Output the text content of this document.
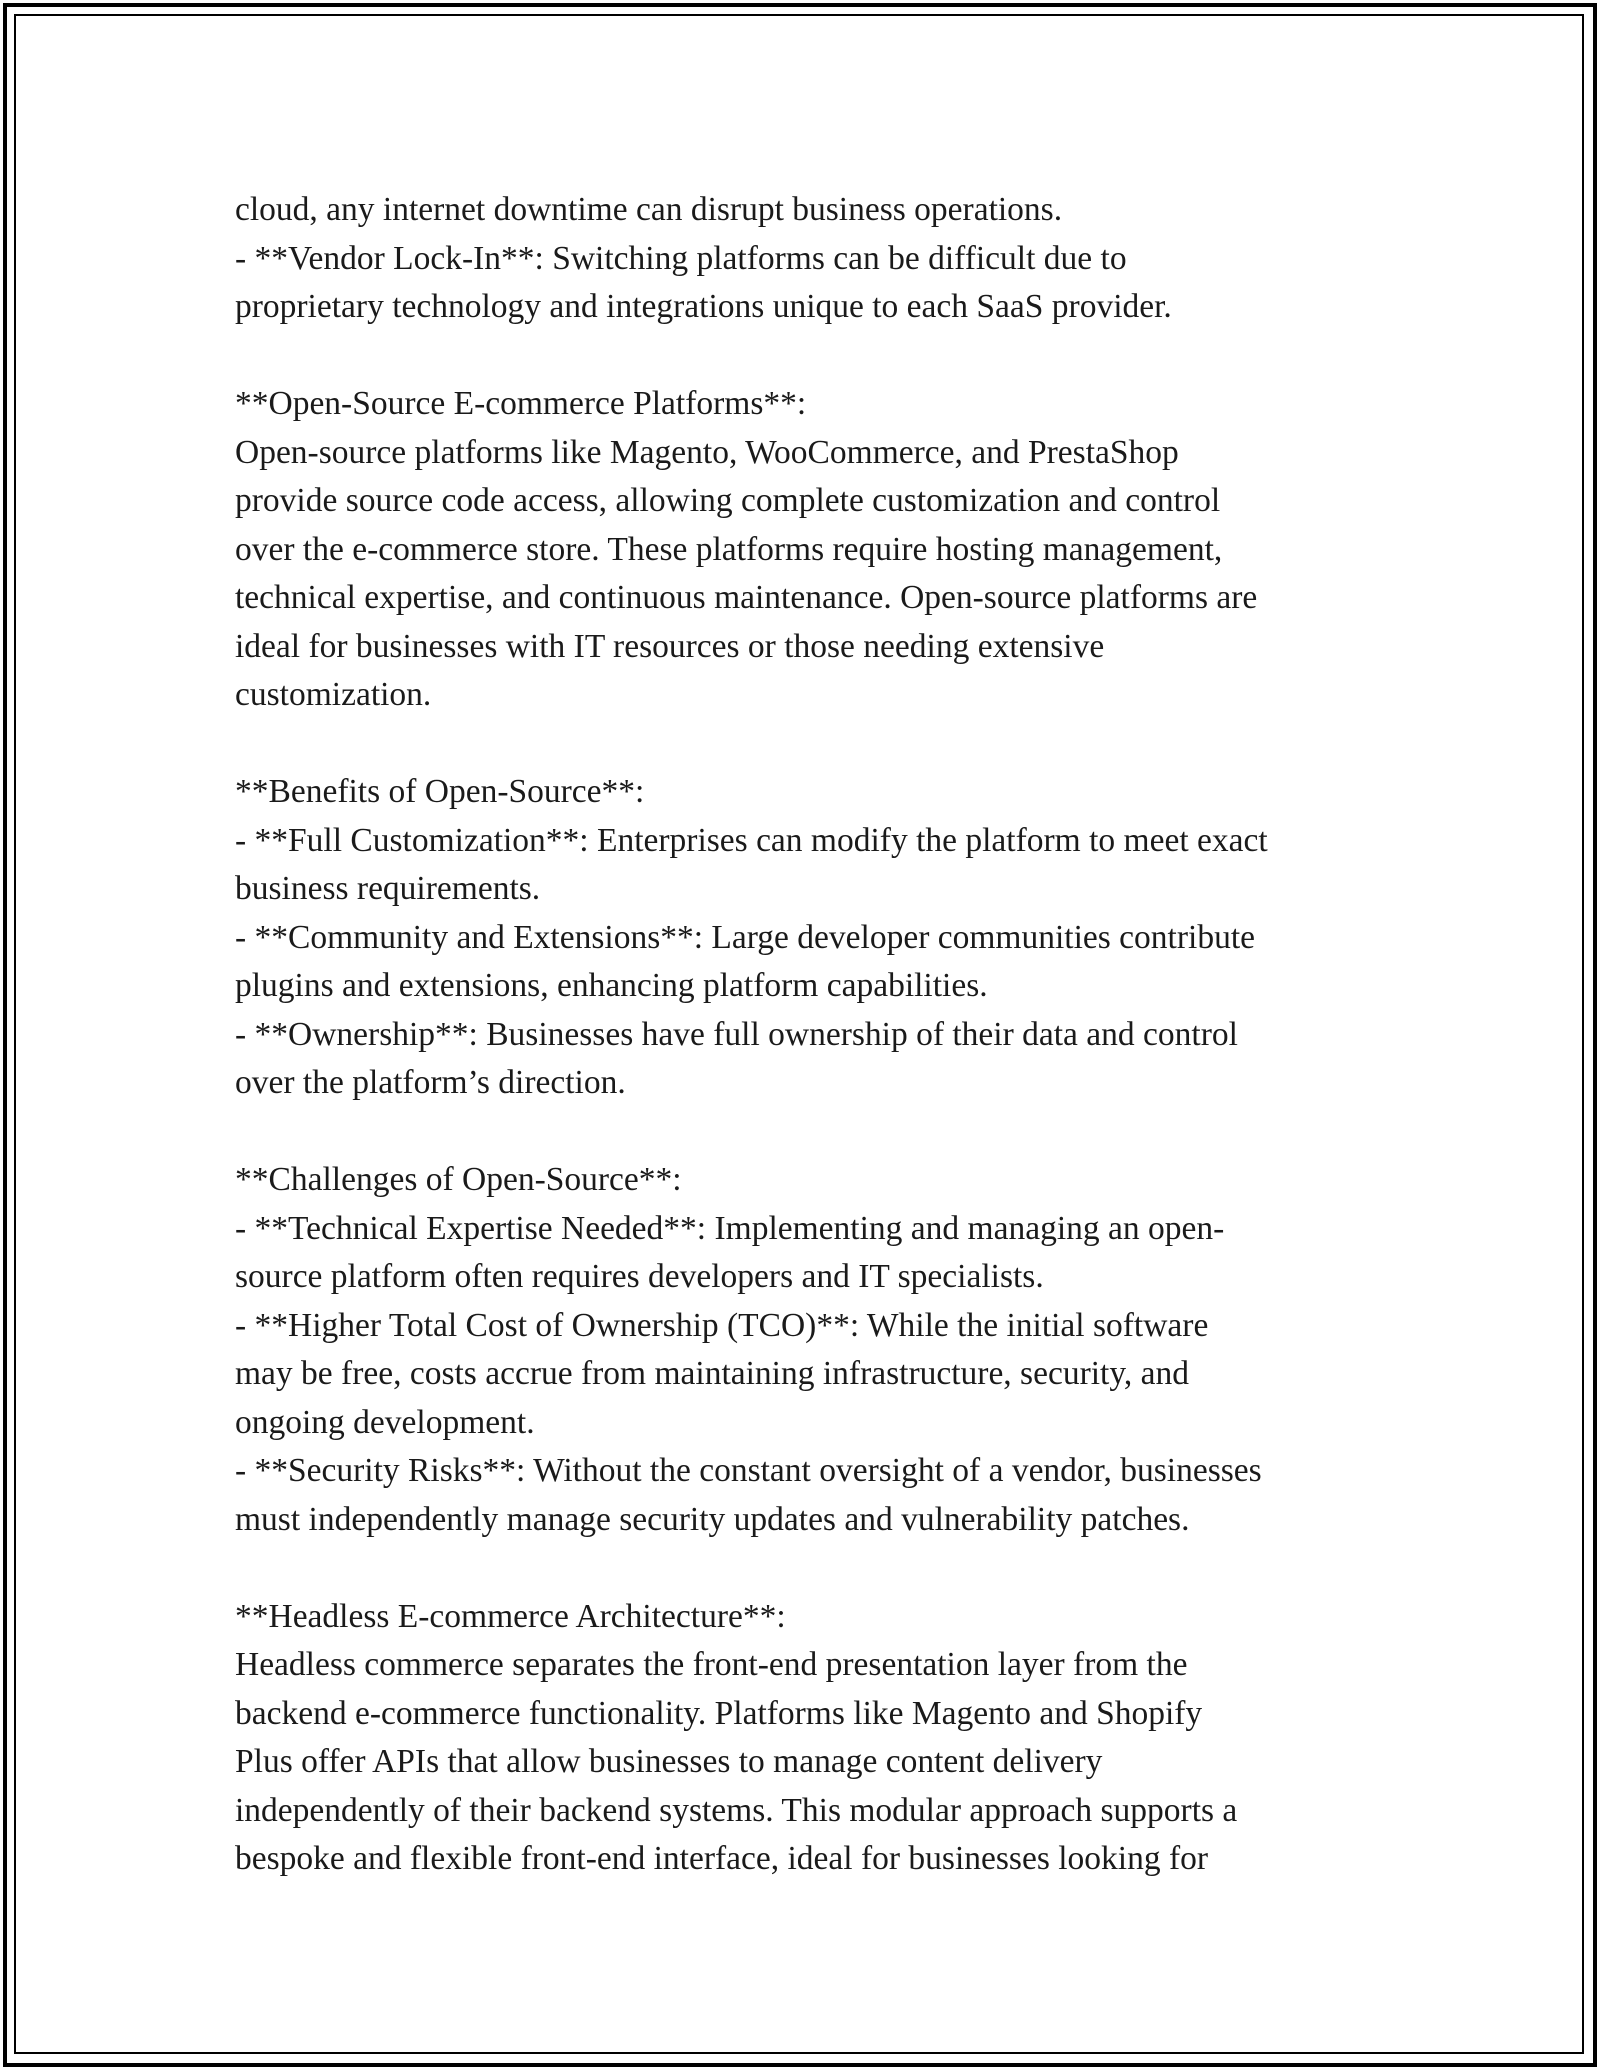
cloud, any internet downtime can disrupt business operations.
- **Vendor Lock-In**: Switching platforms can be difficult due to
proprietary technology and integrations unique to each SaaS provider.
**Open-Source E-commerce Platforms**:
Open-source platforms like Magento, WooCommerce, and PrestaShop
provide source code access, allowing complete customization and control
over the e-commerce store. These platforms require hosting management,
technical expertise, and continuous maintenance. Open-source platforms are
ideal for businesses with IT resources or those needing extensive
customization.
**Benefits of Open-Source**:
- **Full Customization**: Enterprises can modify the platform to meet exact
business requirements.
- **Community and Extensions**: Large developer communities contribute
plugins and extensions, enhancing platform capabilities.
- **Ownership**: Businesses have full ownership of their data and control
over the platform’s direction.
**Challenges of Open-Source**:
- **Technical Expertise Needed**: Implementing and managing an open-
source platform often requires developers and IT specialists.
- **Higher Total Cost of Ownership (TCO)**: While the initial software
may be free, costs accrue from maintaining infrastructure, security, and
ongoing development.
- **Security Risks**: Without the constant oversight of a vendor, businesses
must independently manage security updates and vulnerability patches.
**Headless E-commerce Architecture**:
Headless commerce separates the front-end presentation layer from the
backend e-commerce functionality. Platforms like Magento and Shopify
Plus offer APIs that allow businesses to manage content delivery
independently of their backend systems. This modular approach supports a
bespoke and flexible front-end interface, ideal for businesses looking for
